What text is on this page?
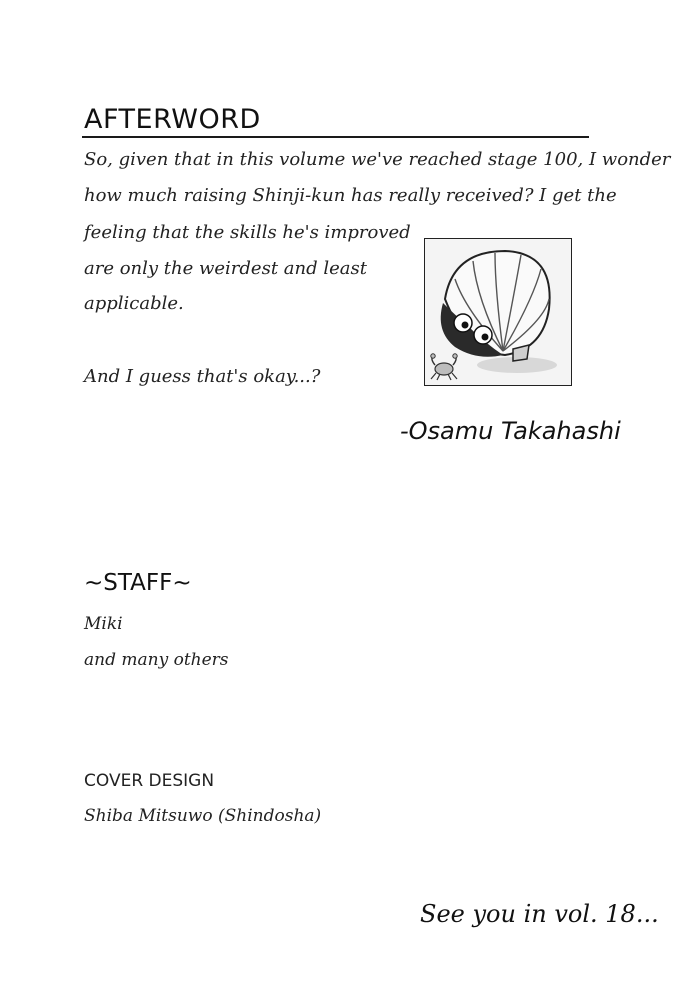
AFTERWORD
So, given that in this volume we've reached stage 100, I wonder
how much raising Shinji-kun has really received? I get the
feeling that the skills he's improved
are only the weirdest and least
applicable.
And I guess that's okay...?
-Osamu Takahashi
~STAFF~
Miki
and many others
COVER DESIGN
Shiba Mitsuwo (Shindosha)
See you in vol. 18...
